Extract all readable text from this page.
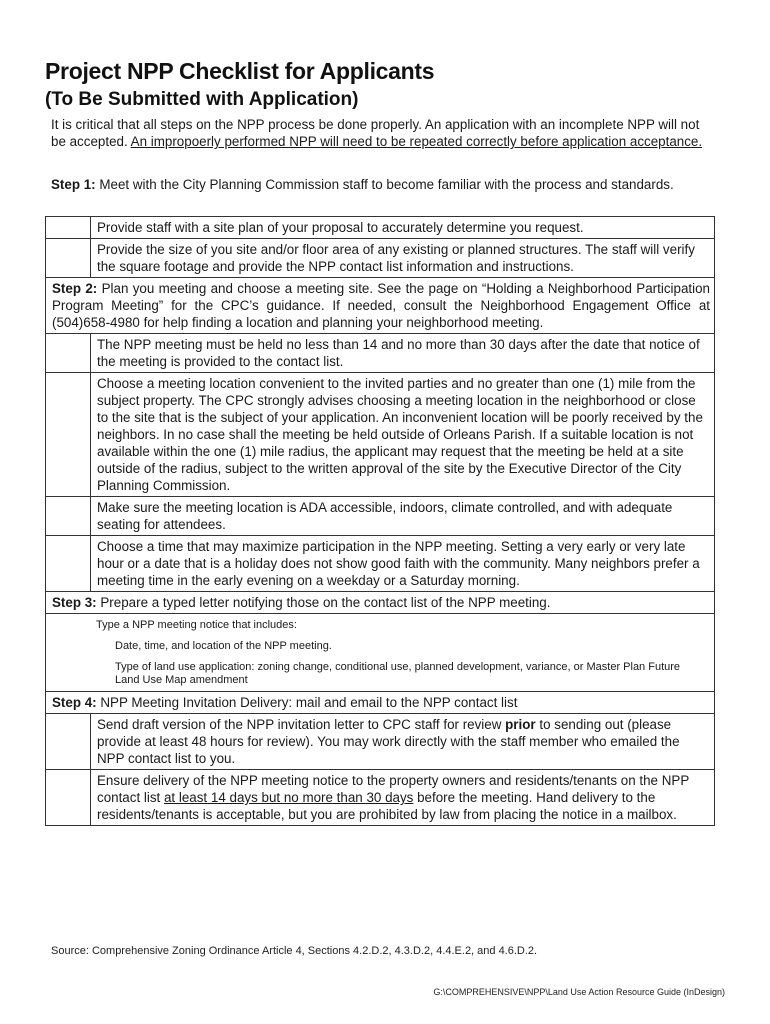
Project NPP Checklist for Applicants
(To Be Submitted with Application)
It is critical that all steps on the NPP process be done properly. An application with an incomplete NPP will not be accepted. An impropoerly performed NPP will need to be repeated correctly before application acceptance.
Step 1: Meet with the City Planning Commission staff to become familiar with the process and standards.
	Provide staff with a site plan of your proposal to accurately determine you request.
	Provide the size of you site and/or floor area of any existing or planned structures. The staff will verify the square footage and provide the NPP contact list information and instructions.
Step 2: Plan you meeting and choose a meeting site. See the page on “Holding a Neighborhood Participation Program Meeting” for the CPC’s guidance. If needed, consult the Neighborhood Engagement Office at (504)658-4980 for help finding a location and planning your neighborhood meeting.	
	The NPP meeting must be held no less than 14 and no more than 30 days after the date that notice of the meeting is provided to the contact list.
	Choose a meeting location convenient to the invited parties and no greater than one (1) mile from the subject property. The CPC strongly advises choosing a meeting location in the neighborhood or close to the site that is the subject of your application. An inconvenient location will be poorly received by the neighbors. In no case shall the meeting be held outside of Orleans Parish. If a suitable location is not available within the one (1) mile radius, the applicant may request that the meeting be held at a site outside of the radius, subject to the written approval of the site by the Executive Director of the City Planning Commission.
	Make sure the meeting location is ADA accessible, indoors, climate controlled, and with adequate seating for attendees.
	Choose a time that may maximize participation in the NPP meeting. Setting a very early or very late hour or a date that is a holiday does not show good faith with the community. Many neighbors prefer a meeting time in the early evening on a weekday or a Saturday morning.
Step 3: Prepare a typed letter notifying those on the contact list of the NPP meeting.	

Type a NPP meeting notice that includes:

Date, time, and location of the NPP meeting.

Type of land use application: zoning change, conditional use, planned development, variance, or Master Plan Future Land Use Map amendment	

Step 4: NPP Meeting Invitation Delivery: mail and email to the NPP contact list	
	Send draft version of the NPP invitation letter to CPC staff for review prior to sending out (please provide at least 48 hours for review). You may work directly with the staff member who emailed the NPP contact list to you.
	Ensure delivery of the NPP meeting notice to the property owners and residents/tenants on the NPP contact list at least 14 days but no more than 30 days before the meeting. Hand delivery to the residents/tenants is acceptable, but you are prohibited by law from placing the notice in a mailbox.
Source: Comprehensive Zoning Ordinance Article 4, Sections 4.2.D.2, 4.3.D.2, 4.4.E.2, and 4.6.D.2.
G:\COMPREHENSIVE\NPP\Land Use Action Resource Guide (InDesign)
